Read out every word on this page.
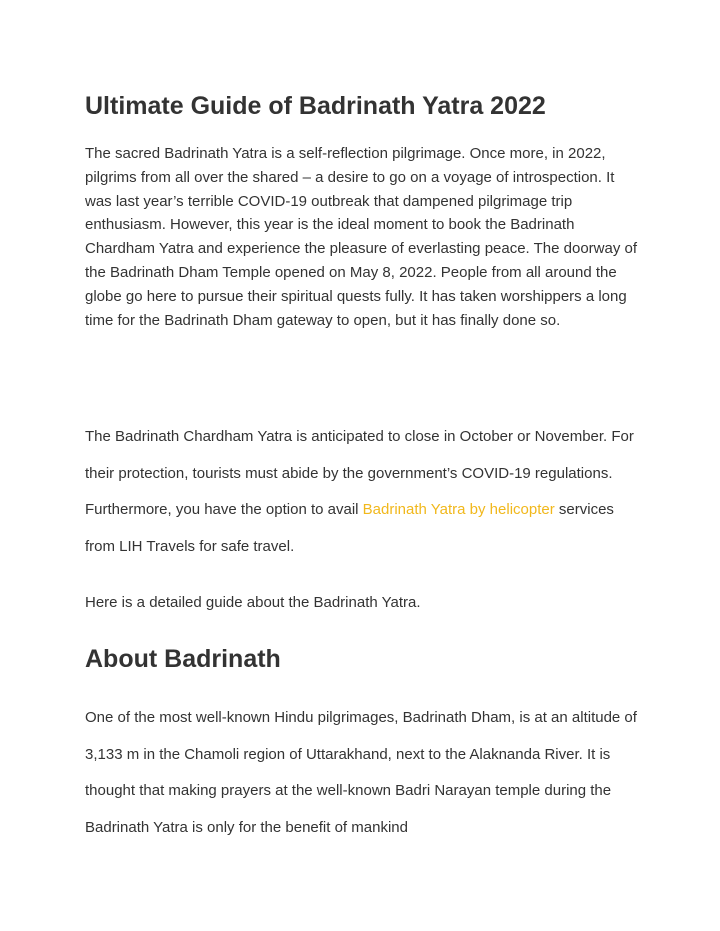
Ultimate Guide of Badrinath Yatra 2022

The sacred Badrinath Yatra is a self-reflection pilgrimage. Once more, in 2022, pilgrims from all over the shared – a desire to go on a voyage of introspection. It was last year’s terrible COVID-19 outbreak that dampened pilgrimage trip enthusiasm. However, this year is the ideal moment to book the Badrinath Chardham Yatra and experience the pleasure of everlasting peace. The doorway of the Badrinath Dham Temple opened on May 8, 2022. People from all around the globe go here to pursue their spiritual quests fully. It has taken worshippers a long time for the Badrinath Dham gateway to open, but it has finally done so.

The Badrinath Chardham Yatra is anticipated to close in October or November. For their protection, tourists must abide by the government’s COVID-19 regulations. Furthermore, you have the option to avail Badrinath Yatra by helicopter services from LIH Travels for safe travel.

Here is a detailed guide about the Badrinath Yatra.

About Badrinath

One of the most well-known Hindu pilgrimages, Badrinath Dham, is at an altitude of 3,133 m in the Chamoli region of Uttarakhand, next to the Alaknanda River. It is thought that making prayers at the well-known Badri Narayan temple during the Badrinath Yatra is only for the benefit of mankind
